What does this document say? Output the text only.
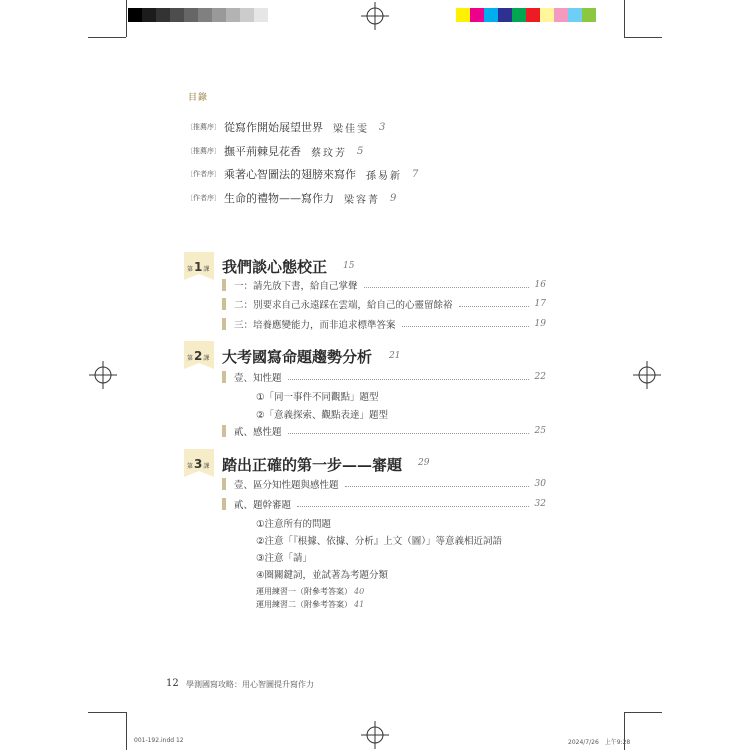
目錄
〔推薦序〕 從寫作開始展望世界 梁佳雯 3
〔推薦序〕 撫平荊棘見花香 蔡玟芳 5
〔作者序〕 乘著心智圖法的翅膀來寫作 孫易新 7
〔作者序〕 生命的禮物——寫作力 梁容菁 9
第1課 我們談心態校正 15
一：請先放下書，給自己掌聲	16
二：別要求自己永遠踩在雲端，給自己的心靈留餘裕	17
三：培養應變能力，而非追求標準答案	19
第2課 大考國寫命題趨勢分析 21
壹、知性題	22
①「同一事件不同觀點」題型
②「意義探索、觀點表達」題型
貳、感性題	25
第3課 踏出正確的第一步——審題 29
壹、區分知性題與感性題	30
貳、題幹審題	32
①注意所有的問題
②注意「『根據、依據、分析』上文（圖）」等意義相近詞語
③注意「請」
④圈關鍵詞，並試著為考題分類
運用練習一（附參考答案） 40
運用練習二（附參考答案） 41
12 學測國寫攻略：用心智圖提升寫作力
001-192.indd 12	2024/7/26　上午9:28
